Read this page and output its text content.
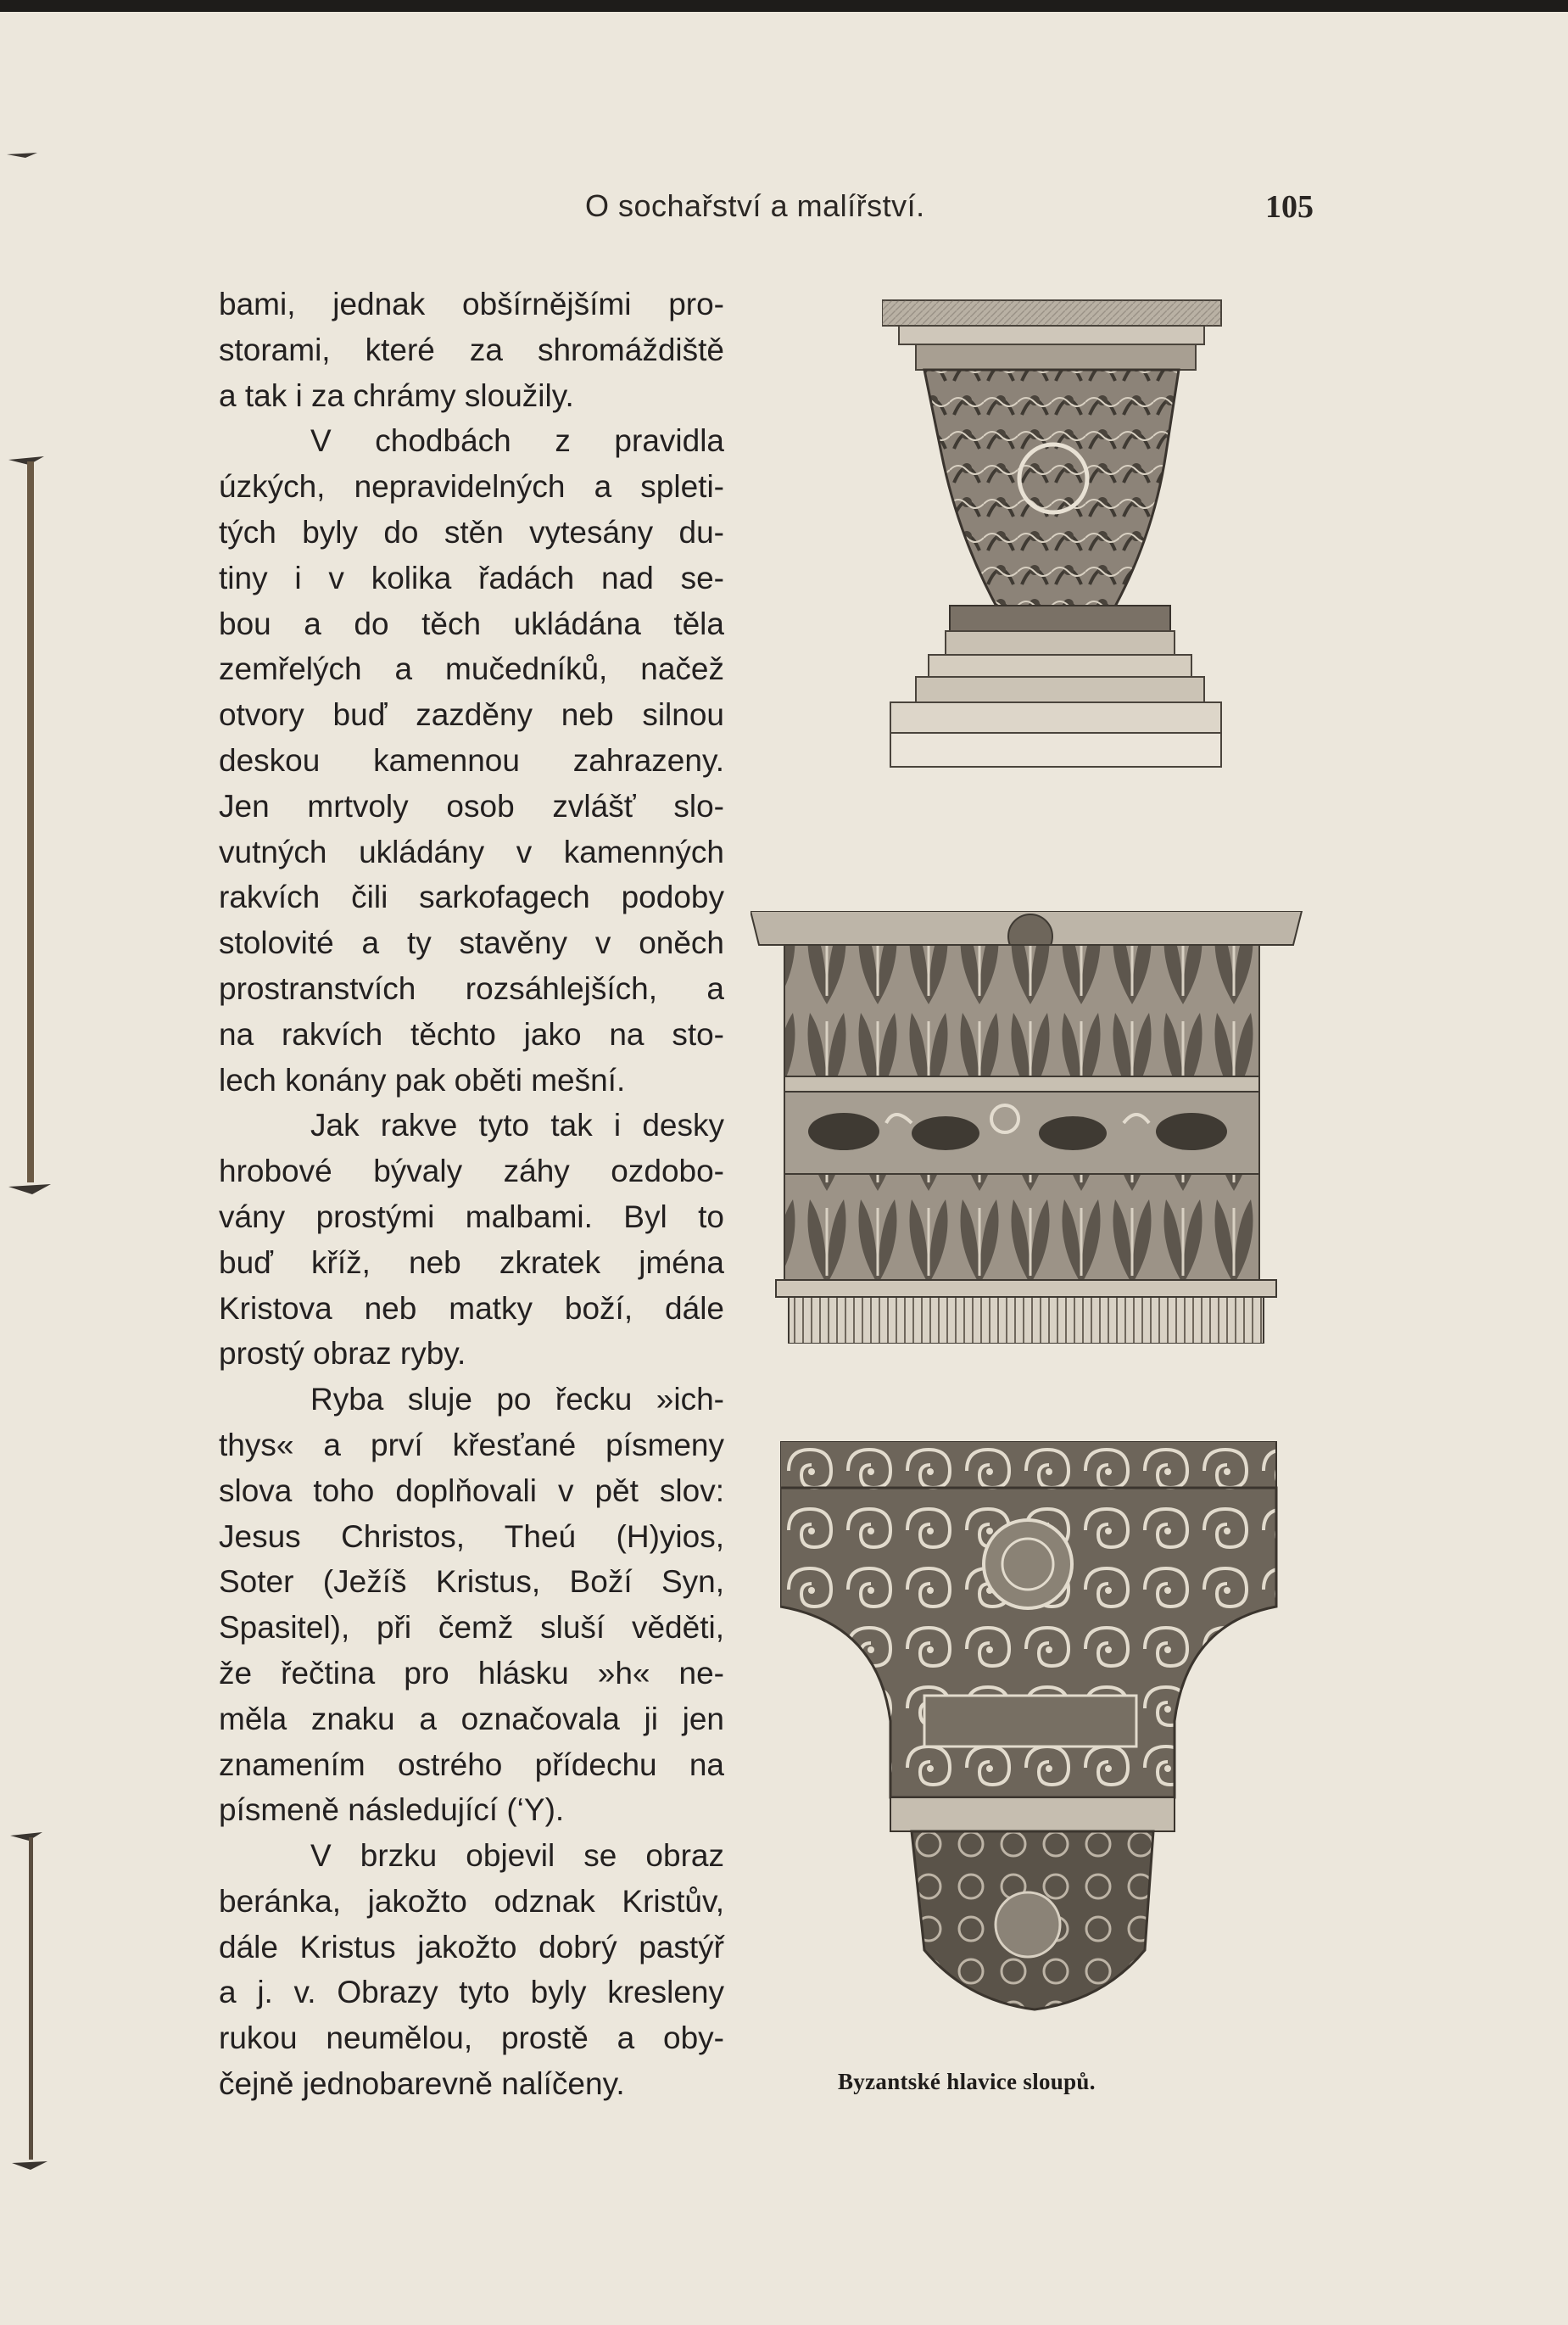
O sochařství a malířství.	105
bami, jednak obšírnějšími pro-
storami, které za shromáždiště
a tak i za chrámy sloužily.
V chodbách z pravidla
úzkých, nepravidelných a spleti-
tých byly do stěn vytesány du-
tiny i v kolika řadách nad se-
bou a do těch ukládána těla
zemřelých a mučedníků, načež
otvory buď zazděny neb silnou
deskou kamennou zahrazeny.
Jen mrtvoly osob zvlášť slo-
vutných ukládány v kamenných
rakvích čili sarkofagech podoby
stolovité a ty stavěny v oněch
prostranstvích rozsáhlejších, a
na rakvích těchto jako na sto-
lech konány pak oběti mešní.
Jak rakve tyto tak i desky
hrobové bývaly záhy ozdobo-
vány prostými malbami. Byl to
buď kříž, neb zkratek jména
Kristova neb matky boží, dále
prostý obraz ryby.
Ryba sluje po řecku »ich-
thys« a prví křesťané písmeny
slova toho doplňovali v pět slov:
Jesus Christos, Theú (H)yios,
Soter (Ježíš Kristus, Boží Syn,
Spasitel), při čemž sluší věděti,
že řečtina pro hlásku »h« ne-
měla znaku a označovala ji jen
znamením ostrého přídechu na
písmeně následující (‘Y).
V brzku objevil se obraz
beránka, jakožto odznak Kristův,
dále Kristus jakožto dobrý pastýř
a j. v. Obrazy tyto byly kresleny
rukou neumělou, prostě a oby-
čejně jednobarevně nalíčeny.	Byzantské hlavice sloupů.
